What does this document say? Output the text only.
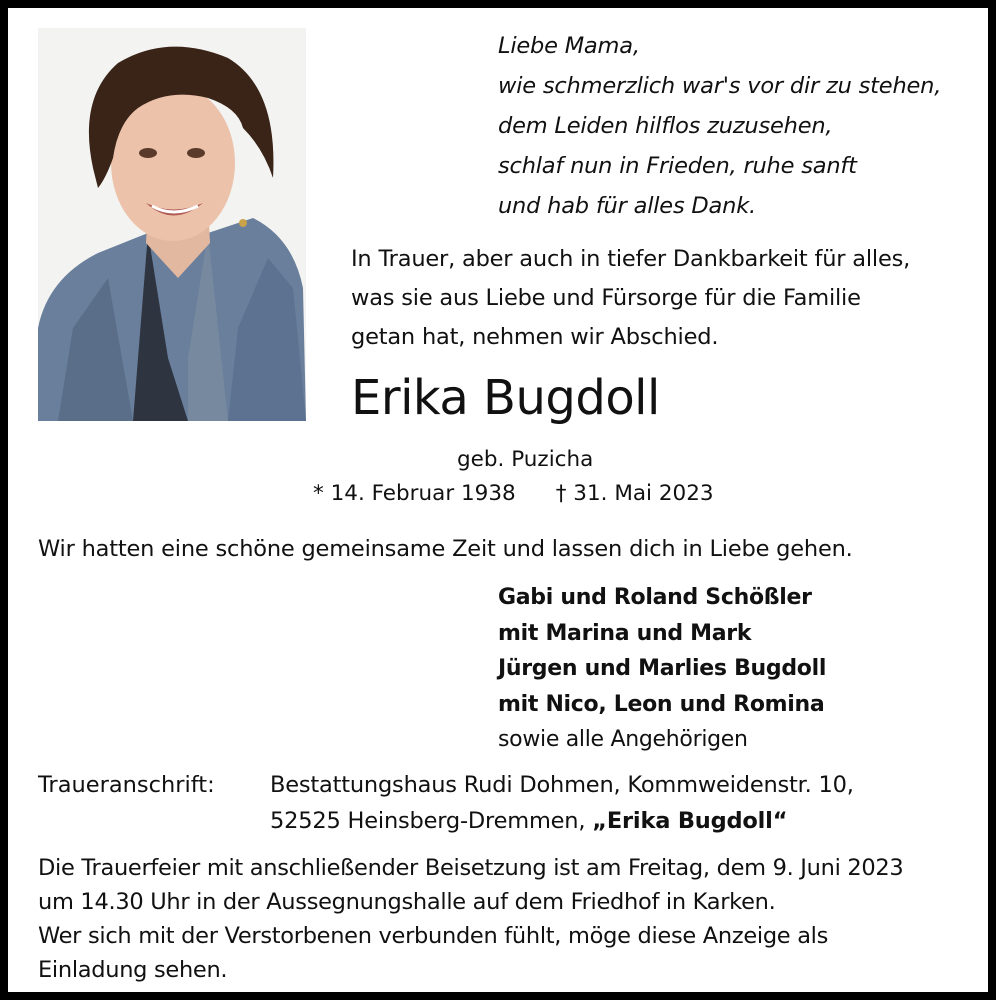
Liebe Mama,
wie schmerzlich war's vor dir zu stehen,
dem Leiden hilflos zuzusehen,
schlaf nun in Frieden, ruhe sanft
und hab für alles Dank.
In Trauer, aber auch in tiefer Dankbarkeit für alles,
was sie aus Liebe und Fürsorge für die Familie
getan hat, nehmen wir Abschied.
Erika Bugdoll
geb. Puzicha
* 14. Februar 1938 † 31. Mai 2023
Wir hatten eine schöne gemeinsame Zeit und lassen dich in Liebe gehen.
Gabi und Roland Schößler
mit Marina und Mark
Jürgen und Marlies Bugdoll
mit Nico, Leon und Romina
sowie alle Angehörigen
Traueranschrift: Bestattungshaus Rudi Dohmen, Kommweidenstr. 10,
52525 Heinsberg-Dremmen, „Erika Bugdoll“
Die Trauerfeier mit anschließender Beisetzung ist am Freitag, dem 9. Juni 2023
um 14.30 Uhr in der Aussegnungshalle auf dem Friedhof in Karken.
Wer sich mit der Verstorbenen verbunden fühlt, möge diese Anzeige als
Einladung sehen.
